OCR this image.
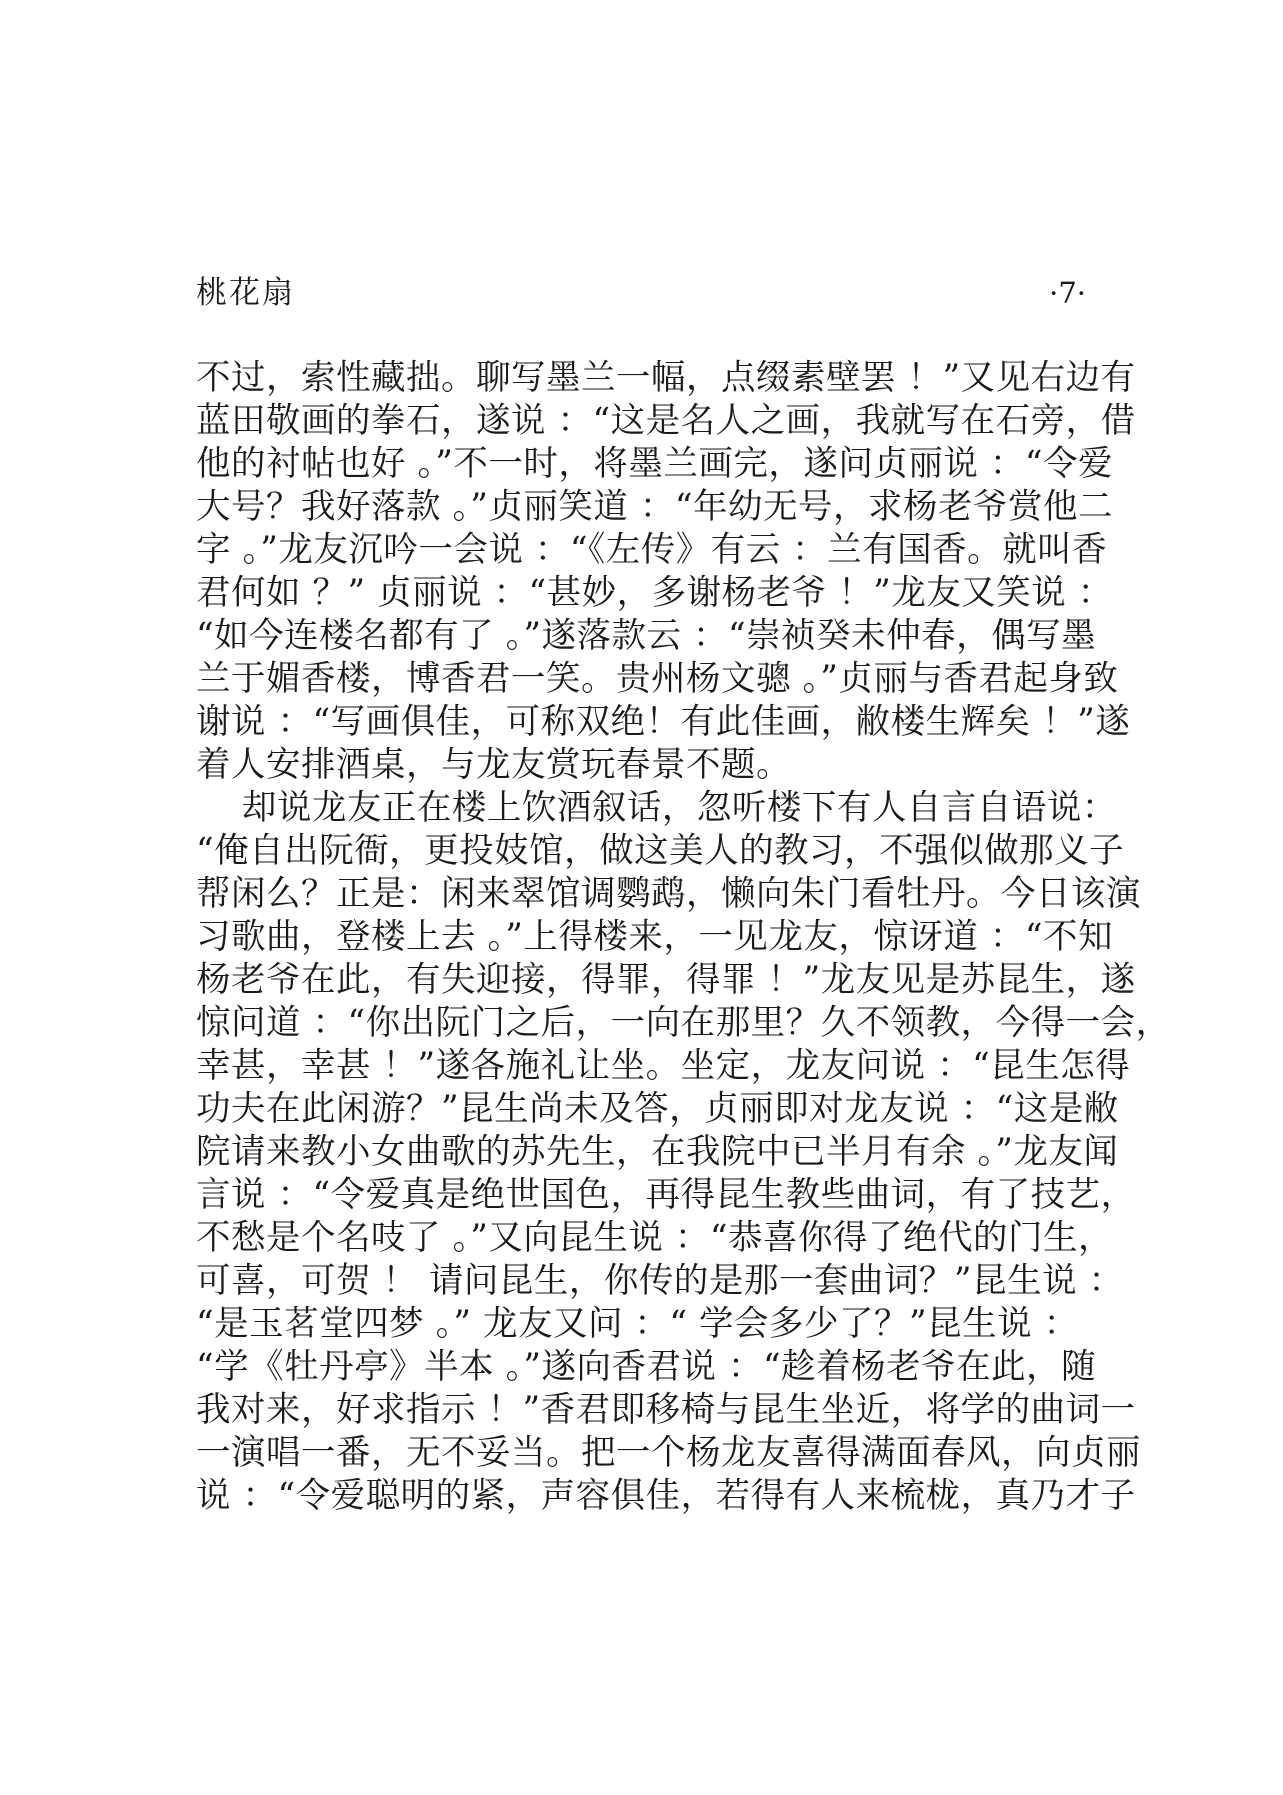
桃花扇	·7·
不过，索性藏拙。聊写墨兰一幅，点缀素壁罢 ！”又见右边有
蓝田敬画的拳石，遂说 ：“这是名人之画，我就写在石旁，借
他的衬帖也好 。”不一时，将墨兰画完，遂问贞丽说 ：“令爱
大号？我好落款 。”贞丽笑道 ：“年幼无号，求杨老爷赏他二
字 。”龙友沉吟一会说 ：“《左传》有云 ：兰有国香。就叫香
君何如 ？” 贞丽说 ：“甚妙，多谢杨老爷 ！”龙友又笑说 ：
“如今连楼名都有了 。”遂落款云 ：“崇祯癸未仲春，偶写墨
兰于媚香楼，博香君一笑。贵州杨文骢 。”贞丽与香君起身致
谢说 ：“写画俱佳，可称双绝！有此佳画，敝楼生辉矣 ！”遂
着人安排酒桌，与龙友赏玩春景不题。
却说龙友正在楼上饮酒叙话，忽听楼下有人自言自语说：
“俺自出阮衙，更投妓馆，做这美人的教习，不强似做那义子
帮闲么？正是：闲来翠馆调鹦鹉，懒向朱门看牡丹。今日该演
习歌曲，登楼上去 。”上得楼来，一见龙友，惊讶道 ：“不知
杨老爷在此，有失迎接，得罪，得罪 ！”龙友见是苏昆生，遂
惊问道 ：“你出阮门之后，一向在那里？久不领教，今得一会，
幸甚，幸甚 ！”遂各施礼让坐。坐定，龙友问说 ：“昆生怎得
功夫在此闲游？”昆生尚未及答，贞丽即对龙友说 ：“这是敝
院请来教小女曲歌的苏先生，在我院中已半月有余 。”龙友闻
言说 ：“令爱真是绝世国色，再得昆生教些曲词，有了技艺，
不愁是个名吱了 。”又向昆生说 ：“恭喜你得了绝代的门生，
可喜，可贺 ！ 请问昆生，你传的是那一套曲词？”昆生说 ：
“是玉茗堂四梦 。” 龙友又问 ：“ 学会多少了？”昆生说 ：
“学《牡丹亭》半本 。”遂向香君说 ：“趁着杨老爷在此，随
我对来，好求指示 ！”香君即移椅与昆生坐近，将学的曲词一
一演唱一番，无不妥当。把一个杨龙友喜得满面春风，向贞丽
说 ：“令爱聪明的紧，声容俱佳，若得有人来梳栊，真乃才子
